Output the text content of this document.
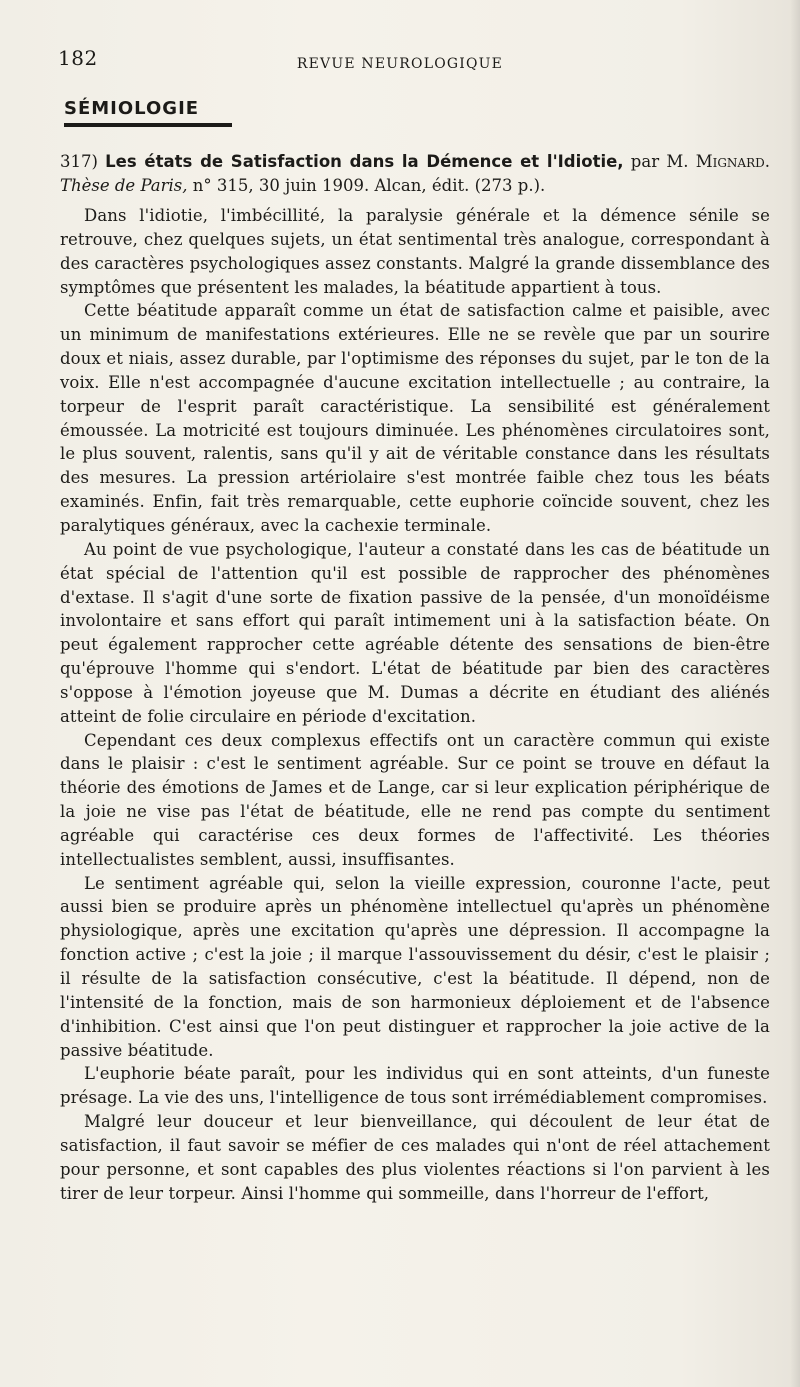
182	REVUE NEUROLOGIQUE
SÉMIOLOGIE
317) Les états de Satisfaction dans la Démence et l'Idiotie, par M. Mignard. Thèse de Paris, n° 315, 30 juin 1909. Alcan, édit. (273 p.).

Dans l'idiotie, l'imbécillité, la paralysie générale et la démence sénile se retrouve, chez quelques sujets, un état sentimental très analogue, correspondant à des caractères psychologiques assez constants. Malgré la grande dissemblance des symptômes que présentent les malades, la béatitude appartient à tous.

Cette béatitude apparaît comme un état de satisfaction calme et paisible, avec un minimum de manifestations extérieures. Elle ne se revèle que par un sourire doux et niais, assez durable, par l'optimisme des réponses du sujet, par le ton de la voix. Elle n'est accompagnée d'aucune excitation intellectuelle ; au contraire, la torpeur de l'esprit paraît caractéristique. La sensibilité est généralement émoussée. La motricité est toujours diminuée. Les phénomènes circulatoires sont, le plus souvent, ralentis, sans qu'il y ait de véritable constance dans les résultats des mesures. La pression artériolaire s'est montrée faible chez tous les béats examinés. Enfin, fait très remarquable, cette euphorie coïncide souvent, chez les paralytiques généraux, avec la cachexie terminale.

Au point de vue psychologique, l'auteur a constaté dans les cas de béatitude un état spécial de l'attention qu'il est possible de rapprocher des phénomènes d'extase. Il s'agit d'une sorte de fixation passive de la pensée, d'un monoïdéisme involontaire et sans effort qui paraît intimement uni à la satisfaction béate. On peut également rapprocher cette agréable détente des sensations de bien-être qu'éprouve l'homme qui s'endort. L'état de béatitude par bien des caractères s'oppose à l'émotion joyeuse que M. Dumas a décrite en étudiant des aliénés atteint de folie circulaire en période d'excitation.

Cependant ces deux complexus effectifs ont un caractère commun qui existe dans le plaisir : c'est le sentiment agréable. Sur ce point se trouve en défaut la théorie des émotions de James et de Lange, car si leur explication périphérique de la joie ne vise pas l'état de béatitude, elle ne rend pas compte du sentiment agréable qui caractérise ces deux formes de l'affectivité. Les théories intellectualistes semblent, aussi, insuffisantes.

Le sentiment agréable qui, selon la vieille expression, couronne l'acte, peut aussi bien se produire après un phénomène intellectuel qu'après un phénomène physiologique, après une excitation qu'après une dépression. Il accompagne la fonction active ; c'est la joie ; il marque l'assouvissement du désir, c'est le plaisir ; il résulte de la satisfaction consécutive, c'est la béatitude. Il dépend, non de l'intensité de la fonction, mais de son harmonieux déploiement et de l'absence d'inhibition. C'est ainsi que l'on peut distinguer et rapprocher la joie active de la passive béatitude.

L'euphorie béate paraît, pour les individus qui en sont atteints, d'un funeste présage. La vie des uns, l'intelligence de tous sont irrémédiablement compromises.

Malgré leur douceur et leur bienveillance, qui découlent de leur état de satisfaction, il faut savoir se méfier de ces malades qui n'ont de réel attachement pour personne, et sont capables des plus violentes réactions si l'on parvient à les tirer de leur torpeur. Ainsi l'homme qui sommeille, dans l'horreur de l'effort,
